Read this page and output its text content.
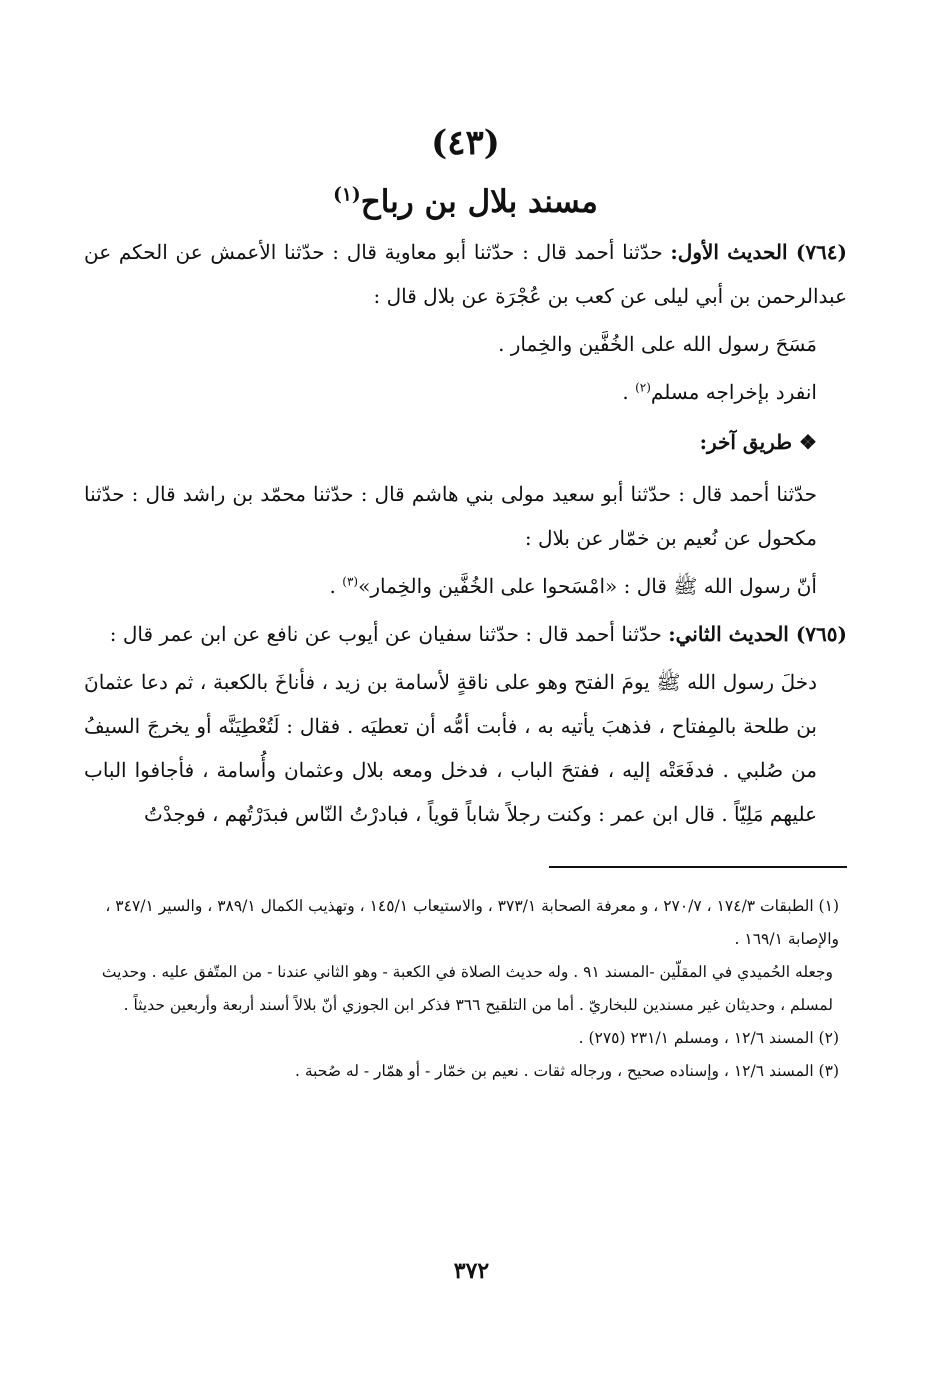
(٤٣)
مسند بلال بن رباح$^{(١)}$

(٧٦٤) الحديث الأول: حدّثنا أحمد قال : حدّثنا أبو معاوية قال : حدّثنا الأعمش عن الحكم عن عبدالرحمن بن أبي ليلى عن كعب بن عُجْرَة عن بلال قال :

مَسَحَ رسول الله على الخُفَّين والخِمار .

انفرد بإخراجه مسلم$^{(٢)}$ .

❖ طريق آخر:

حدّثنا أحمد قال : حدّثنا أبو سعيد مولى بني هاشم قال : حدّثنا محمّد بن راشد قال : حدّثنا مكحول عن نُعيم بن خمّار عن بلال :

أنّ رسول الله ﷺ قال : «امْسَحوا على الخُفَّين والخِمار»$^{(٣)}$ .

(٧٦٥) الحديث الثاني: حدّثنا أحمد قال : حدّثنا سفيان عن أيوب عن نافع عن ابن عمر قال :

دخلَ رسول الله ﷺ يومَ الفتح وهو على ناقةٍ لأسامة بن زيد ، فأناخَ بالكعبة ، ثم دعا عثمانَ بن طلحة بالمِفتاح ، فذهبَ يأتيه به ، فأبت أمُّه أن تعطيَه . فقال : لَتُعْطِيَنَّه أو يخرجَ السيفُ من صُلبي . فدفَعَتْه إليه ، ففتحَ الباب ، فدخل ومعه بلال وعثمان وأُسامة ، فأجافوا الباب عليهم مَلِيّاً . قال ابن عمر : وكنت رجلاً شاباً قوياً ، فبادرْتُ النّاس فبدَرْتُهم ، فوجدْتُ

(١) الطبقات ١٧٤/٣ ، ٢٧٠/٧ ، و معرفة الصحابة ٣٧٣/١ ، والاستيعاب ١٤٥/١ ، وتهذيب الكمال ٣٨٩/١ ، والسير ٣٤٧/١ ، والإصابة ١٦٩/١ .

وجعله الحُميدي في المقلّين -المسند ٩١ . وله حديث الصلاة في الكعبة - وهو الثاني عندنا - من المتّفق عليه . وحديث لمسلم ، وحديثان غير مسندين للبخاريّ . أما من التلقيح ٣٦٦ فذكر ابن الجوزي أنّ بلالاً أسند أربعة وأربعين حديثاً .

(٢) المسند ١٢/٦ ، ومسلم ٢٣١/١ (٢٧٥) .

(٣) المسند ١٢/٦ ، وإسناده صحيح ، ورجاله ثقات . نعيم بن خمّار - أو همّار - له صُحبة .

٣٧٢
